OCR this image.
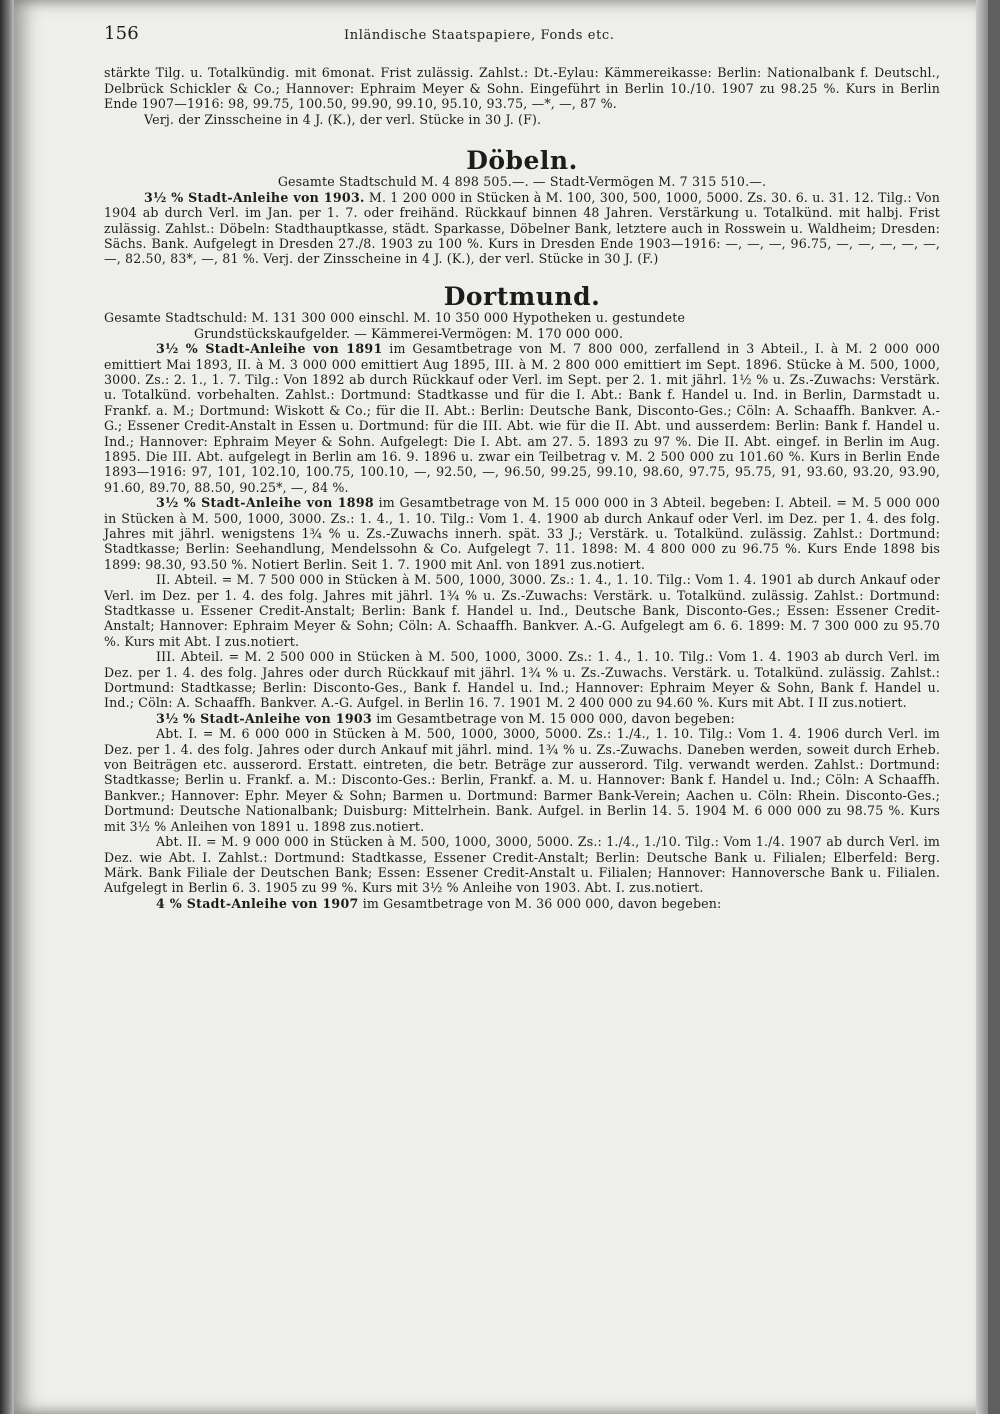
156	Inländische Staatspapiere, Fonds etc.

stärkte Tilg. u. Totalkündig. mit 6monat. Frist zulässig. Zahlst.: Dt.-Eylau: Kämmereikasse: Berlin: Nationalbank f. Deutschl., Delbrück Schickler & Co.; Hannover: Ephraim Meyer & Sohn. Eingeführt in Berlin 10./10. 1907 zu 98.25 %. Kurs in Berlin Ende 1907—1916: 98, 99.75, 100.50, 99.90, 99.10, 95.10, 93.75, —*, —, 87 %.

Verj. der Zinsscheine in 4 J. (K.), der verl. Stücke in 30 J. (F).

Döbeln.

Gesamte Stadtschuld M. 4 898 505.—. — Stadt-Vermögen M. 7 315 510.—.

3½ % Stadt-Anleihe von 1903. M. 1 200 000 in Stücken à M. 100, 300, 500, 1000, 5000. Zs. 30. 6. u. 31. 12. Tilg.: Von 1904 ab durch Verl. im Jan. per 1. 7. oder freihänd. Rückkauf binnen 48 Jahren. Verstärkung u. Totalkünd. mit halbj. Frist zulässig. Zahlst.: Döbeln: Stadthauptkasse, städt. Sparkasse, Döbelner Bank, letztere auch in Rosswein u. Waldheim; Dresden: Sächs. Bank. Aufgelegt in Dresden 27./8. 1903 zu 100 %. Kurs in Dresden Ende 1903—1916: —, —, —, 96.75, —, —, —, —, —, —, 82.50, 83*, —, 81 %. Verj. der Zinsscheine in 4 J. (K.), der verl. Stücke in 30 J. (F.)

Dortmund.

Gesamte Stadtschuld: M. 131 300 000 einschl. M. 10 350 000 Hypotheken u. gestundete
Grundstückskaufgelder. — Kämmerei-Vermögen: M. 170 000 000.

3½ % Stadt-Anleihe von 1891 im Gesamtbetrage von M. 7 800 000, zerfallend in 3 Abteil., I. à M. 2 000 000 emittiert Mai 1893, II. à M. 3 000 000 emittiert Aug 1895, III. à M. 2 800 000 emittiert im Sept. 1896. Stücke à M. 500, 1000, 3000. Zs.: 2. 1., 1. 7. Tilg.: Von 1892 ab durch Rückkauf oder Verl. im Sept. per 2. 1. mit jährl. 1½ % u. Zs.-Zuwachs: Verstärk. u. Totalkünd. vorbehalten. Zahlst.: Dortmund: Stadtkasse und für die I. Abt.: Bank f. Handel u. Ind. in Berlin, Darmstadt u. Frankf. a. M.; Dortmund: Wiskott & Co.; für die II. Abt.: Berlin: Deutsche Bank, Disconto-Ges.; Cöln: A. Schaaffh. Bankver. A.-G.; Essener Credit-Anstalt in Essen u. Dortmund: für die III. Abt. wie für die II. Abt. und ausserdem: Berlin: Bank f. Handel u. Ind.; Hannover: Ephraim Meyer & Sohn. Aufgelegt: Die I. Abt. am 27. 5. 1893 zu 97 %. Die II. Abt. eingef. in Berlin im Aug. 1895. Die III. Abt. aufgelegt in Berlin am 16. 9. 1896 u. zwar ein Teilbetrag v. M. 2 500 000 zu 101.60 %. Kurs in Berlin Ende 1893—1916: 97, 101, 102.10, 100.75, 100.10, —, 92.50, —, 96.50, 99.25, 99.10, 98.60, 97.75, 95.75, 91, 93.60, 93.20, 93.90, 91.60, 89.70, 88.50, 90.25*, —, 84 %.

3½ % Stadt-Anleihe von 1898 im Gesamtbetrage von M. 15 000 000 in 3 Abteil. begeben: I. Abteil. = M. 5 000 000 in Stücken à M. 500, 1000, 3000. Zs.: 1. 4., 1. 10. Tilg.: Vom 1. 4. 1900 ab durch Ankauf oder Verl. im Dez. per 1. 4. des folg. Jahres mit jährl. wenigstens 1¾ % u. Zs.-Zuwachs innerh. spät. 33 J.; Verstärk. u. Totalkünd. zulässig. Zahlst.: Dortmund: Stadtkasse; Berlin: Seehandlung, Mendelssohn & Co. Aufgelegt 7. 11. 1898: M. 4 800 000 zu 96.75 %. Kurs Ende 1898 bis 1899: 98.30, 93.50 %. Notiert Berlin. Seit 1. 7. 1900 mit Anl. von 1891 zus.notiert.

II. Abteil. = M. 7 500 000 in Stücken à M. 500, 1000, 3000. Zs.: 1. 4., 1. 10. Tilg.: Vom 1. 4. 1901 ab durch Ankauf oder Verl. im Dez. per 1. 4. des folg. Jahres mit jährl. 1¾ % u. Zs.-Zuwachs: Verstärk. u. Totalkünd. zulässig. Zahlst.: Dortmund: Stadtkasse u. Essener Credit-Anstalt; Berlin: Bank f. Handel u. Ind., Deutsche Bank, Disconto-Ges.; Essen: Essener Credit-Anstalt; Hannover: Ephraim Meyer & Sohn; Cöln: A. Schaaffh. Bankver. A.-G. Aufgelegt am 6. 6. 1899: M. 7 300 000 zu 95.70 %. Kurs mit Abt. I zus.notiert.

III. Abteil. = M. 2 500 000 in Stücken à M. 500, 1000, 3000. Zs.: 1. 4., 1. 10. Tilg.: Vom 1. 4. 1903 ab durch Verl. im Dez. per 1. 4. des folg. Jahres oder durch Rückkauf mit jährl. 1¾ % u. Zs.-Zuwachs. Verstärk. u. Totalkünd. zulässig. Zahlst.: Dortmund: Stadtkasse; Berlin: Disconto-Ges., Bank f. Handel u. Ind.; Hannover: Ephraim Meyer & Sohn, Bank f. Handel u. Ind.; Cöln: A. Schaaffh. Bankver. A.-G. Aufgel. in Berlin 16. 7. 1901 M. 2 400 000 zu 94.60 %. Kurs mit Abt. I II zus.notiert.

3½ % Stadt-Anleihe von 1903 im Gesamtbetrage von M. 15 000 000, davon begeben:

Abt. I. = M. 6 000 000 in Stücken à M. 500, 1000, 3000, 5000. Zs.: 1./4., 1. 10. Tilg.: Vom 1. 4. 1906 durch Verl. im Dez. per 1. 4. des folg. Jahres oder durch Ankauf mit jährl. mind. 1¾ % u. Zs.-Zuwachs. Daneben werden, soweit durch Erheb. von Beiträgen etc. ausserord. Erstatt. eintreten, die betr. Beträge zur ausserord. Tilg. verwandt werden. Zahlst.: Dortmund: Stadtkasse; Berlin u. Frankf. a. M.: Disconto-Ges.: Berlin, Frankf. a. M. u. Hannover: Bank f. Handel u. Ind.; Cöln: A Schaaffh. Bankver.; Hannover: Ephr. Meyer & Sohn; Barmen u. Dortmund: Barmer Bank-Verein; Aachen u. Cöln: Rhein. Disconto-Ges.; Dortmund: Deutsche Nationalbank; Duisburg: Mittelrhein. Bank. Aufgel. in Berlin 14. 5. 1904 M. 6 000 000 zu 98.75 %. Kurs mit 3½ % Anleihen von 1891 u. 1898 zus.notiert.

Abt. II. = M. 9 000 000 in Stücken à M. 500, 1000, 3000, 5000. Zs.: 1./4., 1./10. Tilg.: Vom 1./4. 1907 ab durch Verl. im Dez. wie Abt. I. Zahlst.: Dortmund: Stadtkasse, Essener Credit-Anstalt; Berlin: Deutsche Bank u. Filialen; Elberfeld: Berg. Märk. Bank Filiale der Deutschen Bank; Essen: Essener Credit-Anstalt u. Filialen; Hannover: Hannoversche Bank u. Filialen. Aufgelegt in Berlin 6. 3. 1905 zu 99 %. Kurs mit 3½ % Anleihe von 1903. Abt. I. zus.notiert.

4 % Stadt-Anleihe von 1907 im Gesamtbetrage von M. 36 000 000, davon begeben:
